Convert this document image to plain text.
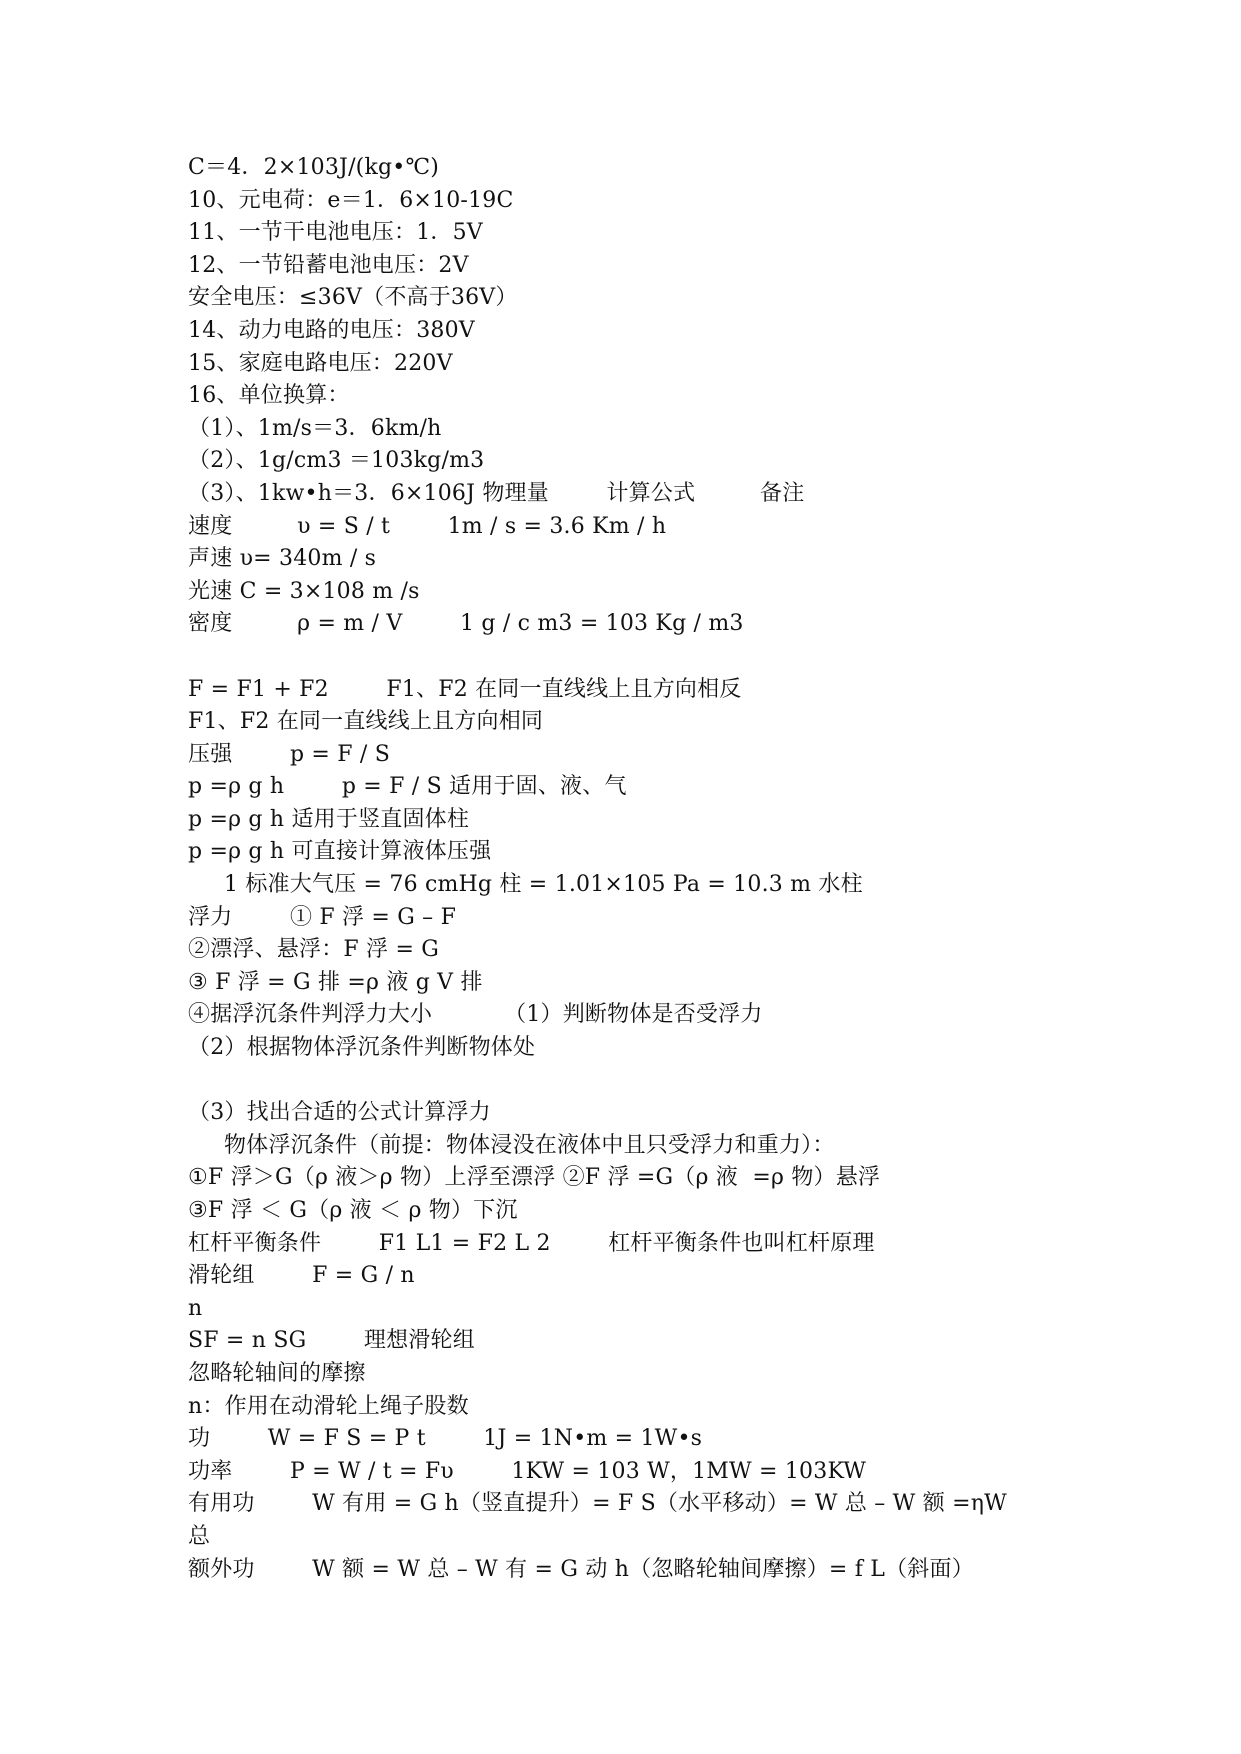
C＝4．2×103J/(kg•℃)
10、元电荷：e＝1．6×10-19C
11、一节干电池电压：1．5V
12、一节铅蓄电池电压：2V
安全电压：≤36V（不高于36V）
14、动力电路的电压：380V
15、家庭电路电压：220V
16、单位换算：
（1）、1m/s＝3．6km/h
（2）、1g/cm3 ＝103kg/m3
（3）、1kw•h＝3．6×106J 物理量        计算公式         备注
速度         υ = S / t        1m / s = 3.6 Km / h
声速 υ= 340m / s
光速 C = 3×108 m /s
密度         ρ = m / V        1 g / c m3 = 103 Kg / m3
F = F1 + F2        F1、F2 在同一直线线上且方向相反
F1、F2 在同一直线线上且方向相同
压强        p = F / S
p =ρ g h        p = F / S 适用于固、液、气
p =ρ g h 适用于竖直固体柱
p =ρ g h 可直接计算液体压强
1 标准大气压 = 76 cmHg 柱 = 1.01×105 Pa = 10.3 m 水柱
浮力        ① F 浮 = G – F
②漂浮、悬浮：F 浮 = G
③ F 浮 = G 排 =ρ 液 g V 排
④据浮沉条件判浮力大小          （1）判断物体是否受浮力
（2）根据物体浮沉条件判断物体处
（3）找出合适的公式计算浮力
物体浮沉条件（前提：物体浸没在液体中且只受浮力和重力）：
①F 浮＞G（ρ 液＞ρ 物）上浮至漂浮 ②F 浮 =G（ρ 液  =ρ 物）悬浮
③F 浮 ＜ G（ρ 液 ＜ ρ 物）下沉
杠杆平衡条件        F1 L1 = F2 L 2        杠杆平衡条件也叫杠杆原理
滑轮组        F = G / n
n
SF = n SG        理想滑轮组
忽略轮轴间的摩擦
n：作用在动滑轮上绳子股数
功        W = F S = P t        1J = 1N•m = 1W•s
功率        P = W / t = Fυ        1KW = 103 W，1MW = 103KW
有用功        W 有用 = G h（竖直提升）= F S（水平移动）= W 总 – W 额 =ηW
总
额外功        W 额 = W 总 – W 有 = G 动 h（忽略轮轴间摩擦）= f L（斜面）
